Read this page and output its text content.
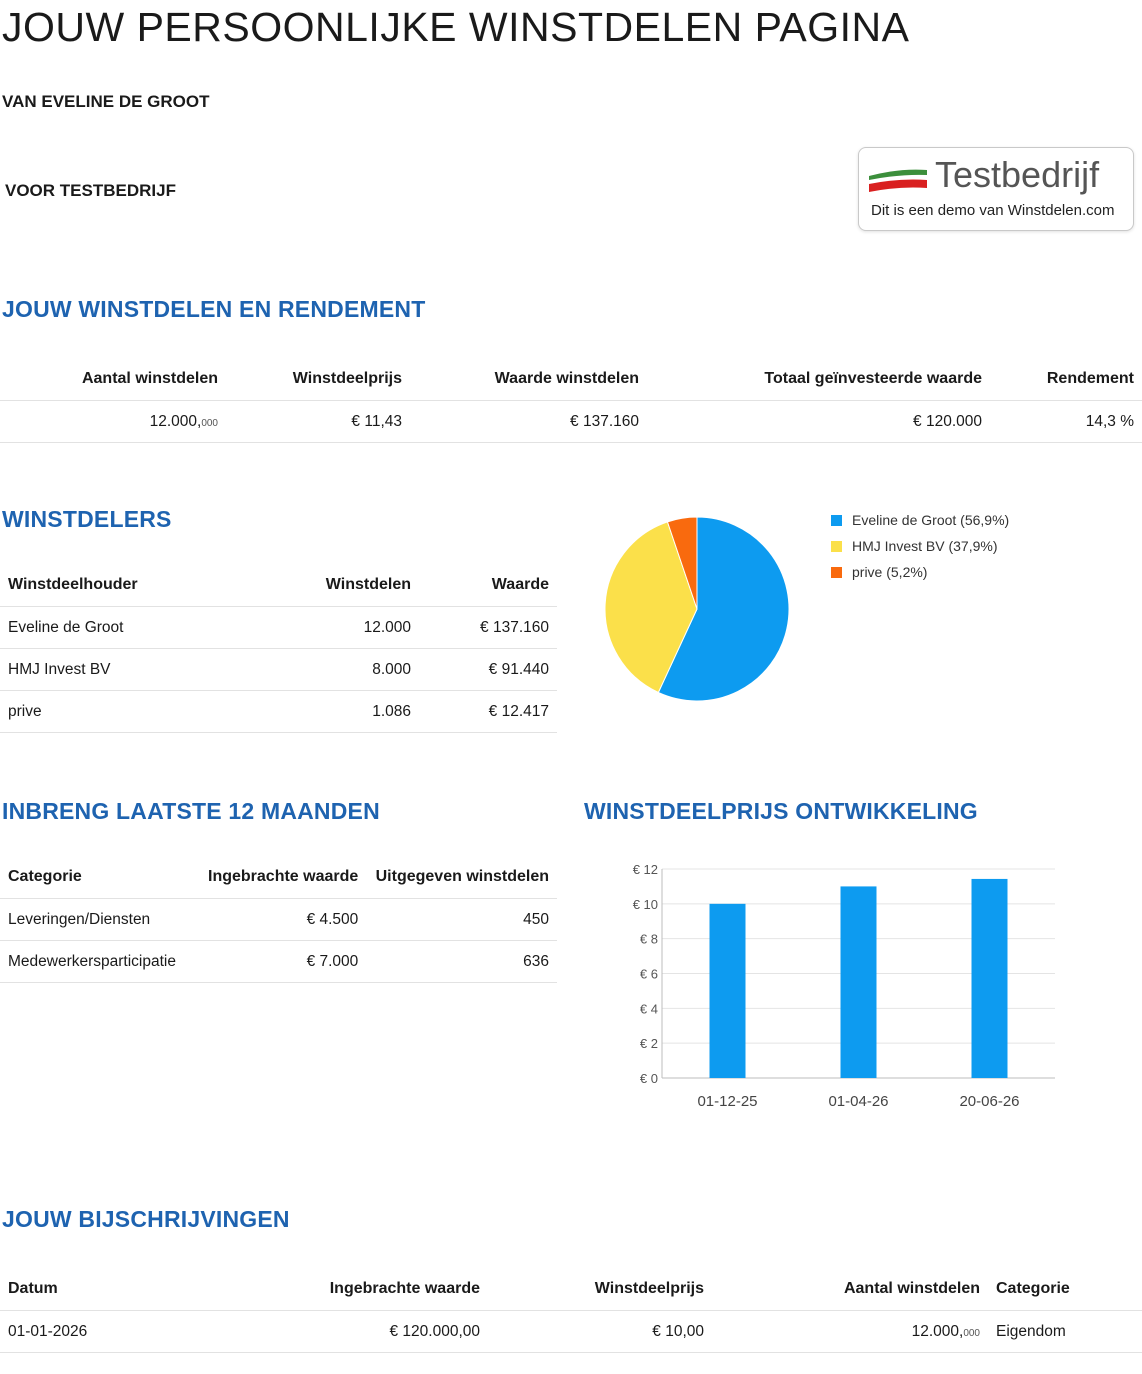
JOUW PERSOONLIJKE WINSTDELEN PAGINA
VAN EVELINE DE GROOT
VOOR TESTBEDRIJF	Testbedrijf
Dit is een demo van Winstdelen.com
JOUW WINSTDELEN EN RENDEMENT
Aantal winstdelen	Winstdeelprijs	Waarde winstdelen	Totaal geïnvesteerde waarde	Rendement
12.000,000	€ 11,43	€ 137.160	€ 120.000	14,3 %
WINSTDELERS
Winstdeelhouder	Winstdelen	Waarde
Eveline de Groot	12.000	€ 137.160
HMJ Invest BV	8.000	€ 91.440
prive	1.086	€ 12.417
Eveline de Groot (56,9%)
HMJ Invest BV (37,9%)
prive (5,2%)
INBRENG LAATSTE 12 MAANDEN
Categorie	Ingebrachte waarde	Uitgegeven winstdelen
Leveringen/Diensten	€ 4.500	450
Medewerkersparticipatie	€ 7.000	636
WINSTDEELPRIJS ONTWIKKELING
€ 0
€ 2
€ 4
€ 6
€ 8
€ 10
€ 12
01-12-25	01-04-26	20-06-26
JOUW BIJSCHRIJVINGEN
Datum	Ingebrachte waarde	Winstdeelprijs	Aantal winstdelen	Categorie
01-01-2026	€ 120.000,00	€ 10,00	12.000,000	Eigendom
